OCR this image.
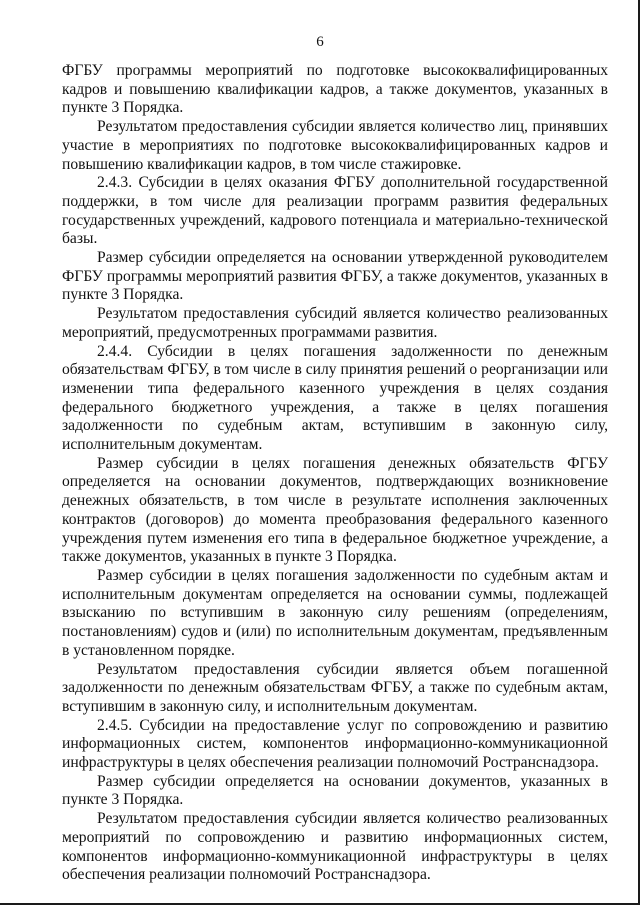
6

ФГБУ программы мероприятий по подготовке высококвалифицированных кадров и повышению квалификации кадров, а также документов, указанных в пункте 3 Порядка.

Результатом предоставления субсидии является количество лиц, принявших участие в мероприятиях по подготовке высококвалифицированных кадров и повышению квалификации кадров, в том числе стажировке.

2.4.3. Субсидии в целях оказания ФГБУ дополнительной государственной поддержки, в том числе для реализации программ развития федеральных государственных учреждений, кадрового потенциала и материально-технической базы.

Размер субсидии определяется на основании утвержденной руководителем ФГБУ программы мероприятий развития ФГБУ, а также документов, указанных в пункте 3 Порядка.

Результатом предоставления субсидий является количество реализованных мероприятий, предусмотренных программами развития.

2.4.4. Субсидии в целях погашения задолженности по денежным обязательствам ФГБУ, в том числе в силу принятия решений о реорганизации или изменении типа федерального казенного учреждения в целях создания федерального бюджетного учреждения, а также в целях погашения задолженности по судебным актам, вступившим в законную силу, исполнительным документам.

Размер субсидии в целях погашения денежных обязательств ФГБУ определяется на основании документов, подтверждающих возникновение денежных обязательств, в том числе в результате исполнения заключенных контрактов (договоров) до момента преобразования федерального казенного учреждения путем изменения его типа в федеральное бюджетное учреждение, а также документов, указанных в пункте 3 Порядка.

Размер субсидии в целях погашения задолженности по судебным актам и исполнительным документам определяется на основании суммы, подлежащей взысканию по вступившим в законную силу решениям (определениям, постановлениям) судов и (или) по исполнительным документам, предъявленным в установленном порядке.

Результатом предоставления субсидии является объем погашенной задолженности по денежным обязательствам ФГБУ, а также по судебным актам, вступившим в законную силу, и исполнительным документам.

2.4.5. Субсидии на предоставление услуг по сопровождению и развитию информационных систем, компонентов информационно-коммуникационной инфраструктуры в целях обеспечения реализации полномочий Ространснадзора.

Размер субсидии определяется на основании документов, указанных в пункте 3 Порядка.

Результатом предоставления субсидии является количество реализованных мероприятий по сопровождению и развитию информационных систем, компонентов информационно-коммуникационной инфраструктуры в целях обеспечения реализации полномочий Ространснадзора.
